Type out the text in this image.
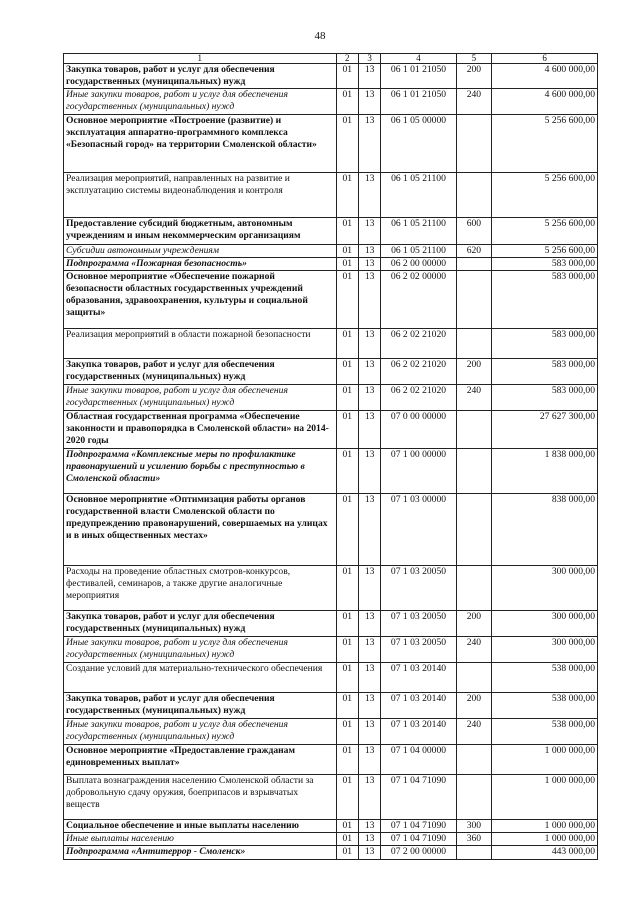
48
1	2	3	4	5	6
Закупка товаров, работ и услуг для обеспечения государственных (муниципальных) нужд	01	13	06 1 01 21050	200	4 600 000,00
Иные закупки товаров, работ и услуг для обеспечения государственных (муниципальных) нужд	01	13	06 1 01 21050	240	4 600 000,00
Основное мероприятие «Построение (развитие) и эксплуатация аппаратно-программного комплекса «Безопасный город» на территории Смоленской области»	01	13	06 1 05 00000		5 256 600,00
Реализация мероприятий, направленных на развитие и эксплуатацию системы видеонаблюдения и контроля	01	13	06 1 05 21100		5 256 600,00
Предоставление субсидий бюджетным, автономным учреждениям и иным некоммерческим организациям	01	13	06 1 05 21100	600	5 256 600,00
Субсидии автономным учреждениям	01	13	06 1 05 21100	620	5 256 600,00
Подпрограмма «Пожарная безопасность»	01	13	06 2 00 00000		583 000,00
Основное мероприятие «Обеспечение пожарной безопасности областных государственных учреждений образования, здравоохранения, культуры и социальной защиты»	01	13	06 2 02 00000		583 000,00
Реализация мероприятий в области пожарной безопасности	01	13	06 2 02 21020		583 000,00
Закупка товаров, работ и услуг для обеспечения государственных (муниципальных) нужд	01	13	06 2 02 21020	200	583 000,00
Иные закупки товаров, работ и услуг для обеспечения государственных (муниципальных) нужд	01	13	06 2 02 21020	240	583 000,00
Областная государственная программа «Обеспечение законности и правопорядка в Смоленской области» на 2014-2020 годы	01	13	07 0 00 00000		27 627 300,00
Подпрограмма «Комплексные меры по профилактике правонарушений и усилению борьбы с преступностью в Смоленской области»	01	13	07 1 00 00000		1 838 000,00
Основное мероприятие «Оптимизация работы органов государственной власти Смоленской области по предупреждению правонарушений, совершаемых на улицах и в иных общественных местах»	01	13	07 1 03 00000		838 000,00
Расходы на проведение областных смотров-конкурсов, фестивалей, семинаров, а также другие аналогичные мероприятия	01	13	07 1 03 20050		300 000,00
Закупка товаров, работ и услуг для обеспечения государственных (муниципальных) нужд	01	13	07 1 03 20050	200	300 000,00
Иные закупки товаров, работ и услуг для обеспечения государственных (муниципальных) нужд	01	13	07 1 03 20050	240	300 000,00
Создание условий для материально-технического обеспечения	01	13	07 1 03 20140		538 000,00
Закупка товаров, работ и услуг для обеспечения государственных (муниципальных) нужд	01	13	07 1 03 20140	200	538 000,00
Иные закупки товаров, работ и услуг для обеспечения государственных (муниципальных) нужд	01	13	07 1 03 20140	240	538 000,00
Основное мероприятие «Предоставление гражданам единовременных выплат»	01	13	07 1 04 00000		1 000 000,00
Выплата вознаграждения населению Смоленской области за добровольную сдачу оружия, боеприпасов и взрывчатых веществ	01	13	07 1 04 71090		1 000 000,00
Социальное обеспечение и иные выплаты населению	01	13	07 1 04 71090	300	1 000 000,00
Иные выплаты населению	01	13	07 1 04 71090	360	1 000 000,00
Подпрограмма «Антитеррор - Смоленск»	01	13	07 2 00 00000		443 000,00
